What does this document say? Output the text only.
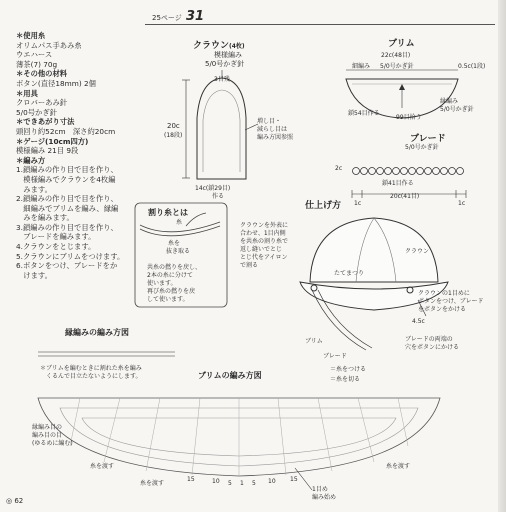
25ページ 31
＊使用糸
オリムパス手あみ糸
ウエハース
薄茶(7) 70g
＊その他の材料
ボタン(直径18mm) 2個
＊用具
クロバーあみ針
5/0号かぎ針
＊できあがり寸法
頭回り約52cm　深さ約20cm
＊ゲージ(10cm四方)
模様編み 21目 9段
＊編み方
1.鎖編みの作り目で目を作り、
　模様編みでクラウンを4枚編
　みます。
2.鎖編みの作り目で目を作り、
　細編みでブリムを編み、縁編
　みを編みます。
3.鎖編みの作り目で目を作り、
　ブレードを編みます。
4.クラウンをとじます。
5.クラウンにブリムをつけます。
6.ボタンをつけ、ブレードをか
　けます。
クラウン(4枚)
模様編み
5/0号かぎ針
3目残
20c
(18段)
増し目・
減らし目は
編み方図参照
14c(鎖29目)
作る
ブリム
22c(48目)
細編み 5/0号かぎ針	0.5c(1段)
鎖54目作る
縁編み
5/0号かぎ針
99目拾う
ブレード
5/0号かぎ針
2c
鎖41目作る
1c
20c(41目)
1c
割り糸とは
糸を
抜き取る
糸
共糸の撚りを戻し、
2本の糸に分けて
使います。
再び糸の撚りを戻
して使います。
仕上げ方
クラウンを外表に
合わせ、1目内側
を共糸の割り糸で
返し縫いでとじ
とじ代をアイロン
で割る
クラウン
たてまつり
ブリム
ブレード
クラウンの1目めに
ボタンをつけ、ブレード
をボタンをかける
4.5c
ブレードの両端の
穴をボタンにかける
縁編みの編み方図
ブリムの編み方図
＊ブリムを編むときに割れた糸を編み
　くるんで目立たないようにします。
＝糸をつける
＝糸を切る
縁編み目の
編み目の目
(ゆるめに編む)
糸を渡す	糸を渡す
糸を渡す
1目め
編み始め
15	10 5 1 5 10 15
◎ 62
